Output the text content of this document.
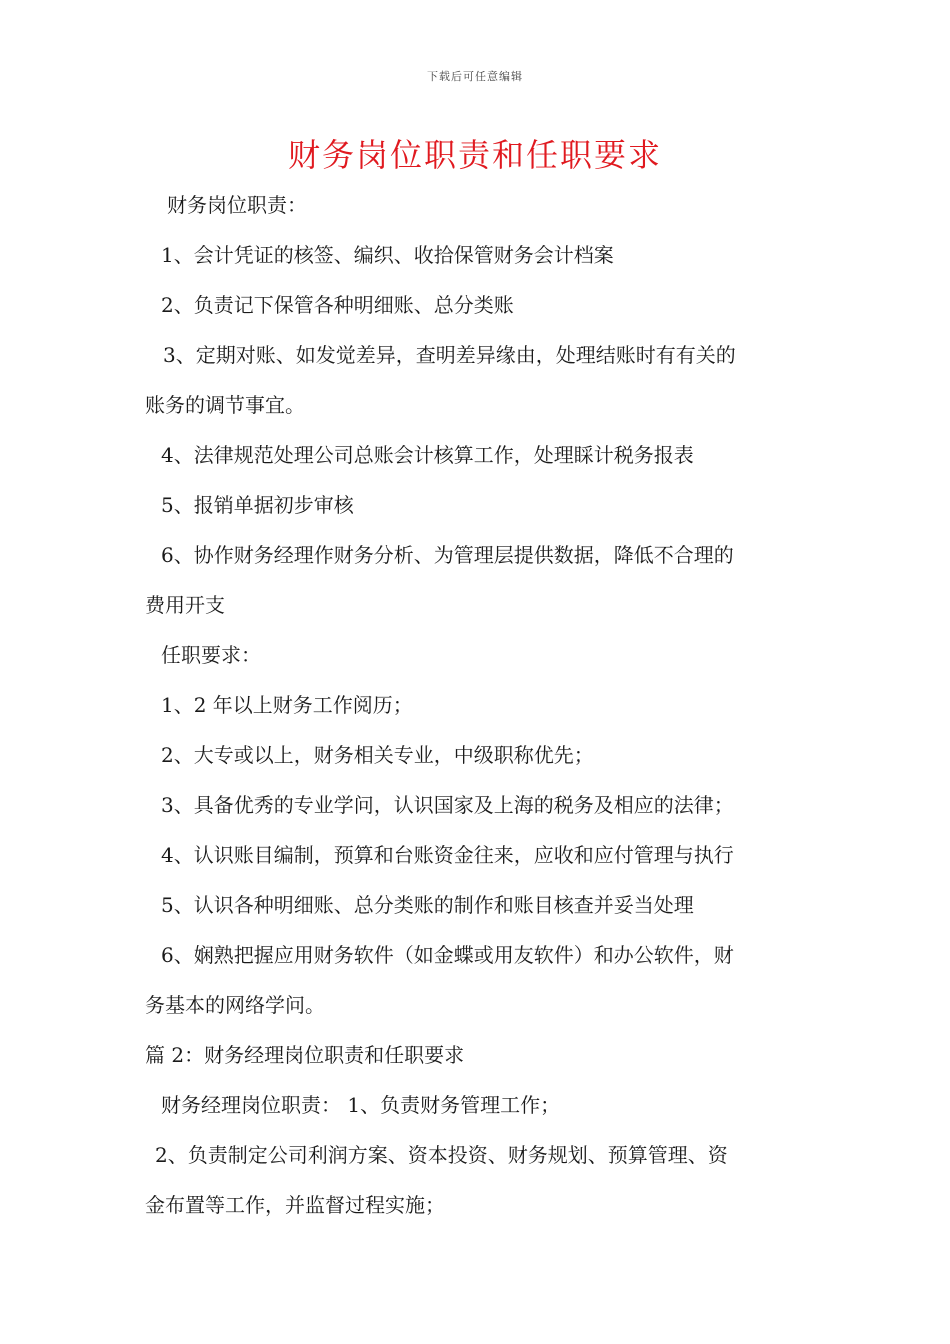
下载后可任意编辑
财务岗位职责和任职要求

财务岗位职责：

1、会计凭证的核签、编织、收拾保管财务会计档案

2、负责记下保管各种明细账、总分类账

3、定期对账、如发觉差异，查明差异缘由，处理结账时有有关的

账务的调节事宜。

4、法律规范处理公司总账会计核算工作，处理睬计税务报表

5、报销单据初步审核

6、协作财务经理作财务分析、为管理层提供数据，降低不合理的

费用开支

任职要求：

1、2 年以上财务工作阅历；

2、大专或以上，财务相关专业，中级职称优先；

3、具备优秀的专业学问，认识国家及上海的税务及相应的法律；

4、认识账目编制，预算和台账资金往来，应收和应付管理与执行

5、认识各种明细账、总分类账的制作和账目核查并妥当处理

6、娴熟把握应用财务软件（如金蝶或用友软件）和办公软件，财

务基本的网络学问。

篇 2：财务经理岗位职责和任职要求

财务经理岗位职责： 1、负责财务管理工作；

2、负责制定公司利润方案、资本投资、财务规划、预算管理、资

金布置等工作，并监督过程实施；
